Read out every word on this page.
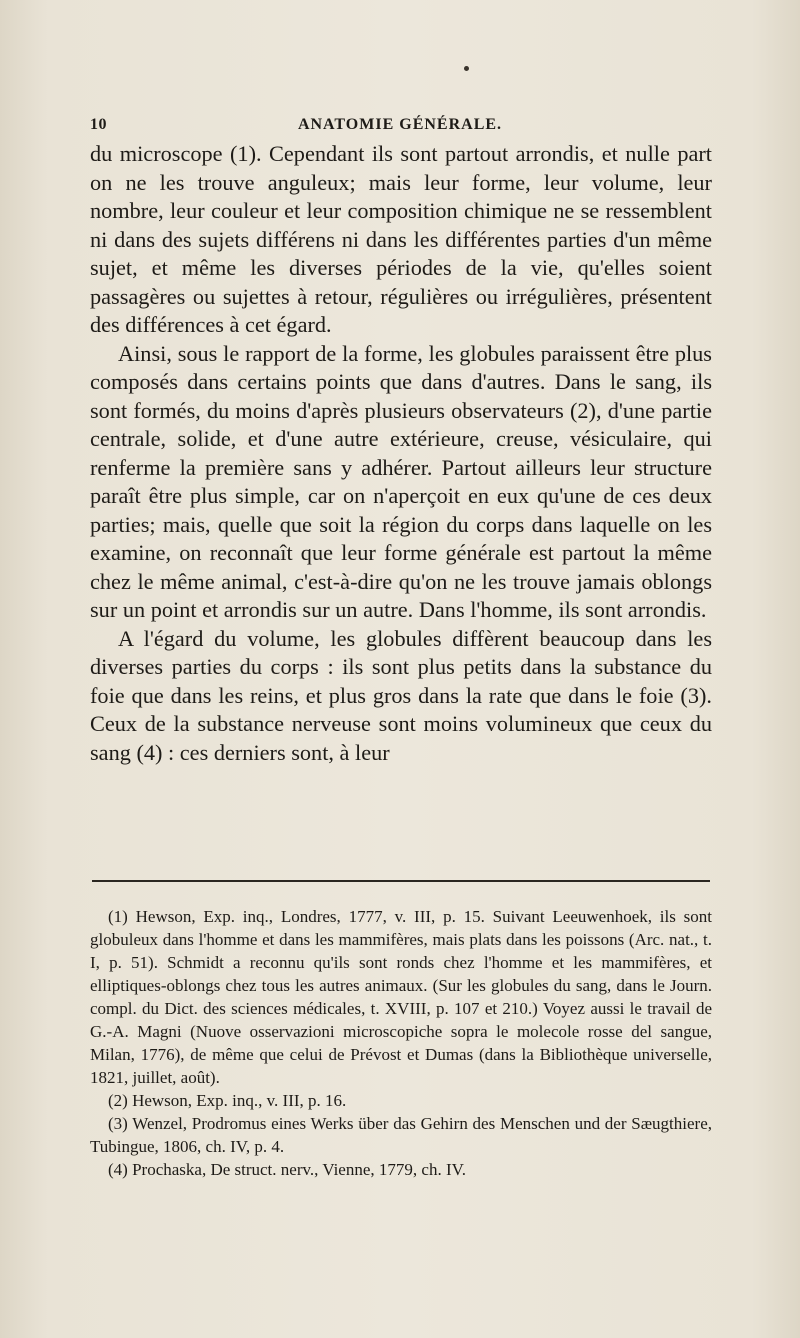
10	ANATOMIE GÉNÉRALE.

du microscope (1). Cependant ils sont partout arrondis, et nulle part on ne les trouve anguleux; mais leur forme, leur volume, leur nombre, leur couleur et leur composition chimique ne se ressemblent ni dans des sujets différens ni dans les différentes parties d'un même sujet, et même les diverses périodes de la vie, qu'elles soient passagères ou sujettes à retour, régulières ou irrégulières, présentent des différences à cet égard.

Ainsi, sous le rapport de la forme, les globules paraissent être plus composés dans certains points que dans d'autres. Dans le sang, ils sont formés, du moins d'après plusieurs observateurs (2), d'une partie centrale, solide, et d'une autre extérieure, creuse, vésiculaire, qui renferme la première sans y adhérer. Partout ailleurs leur structure paraît être plus simple, car on n'aperçoit en eux qu'une de ces deux parties; mais, quelle que soit la région du corps dans laquelle on les examine, on reconnaît que leur forme générale est partout la même chez le même animal, c'est-à-dire qu'on ne les trouve jamais oblongs sur un point et arrondis sur un autre. Dans l'homme, ils sont arrondis.

A l'égard du volume, les globules diffèrent beaucoup dans les diverses parties du corps : ils sont plus petits dans la substance du foie que dans les reins, et plus gros dans la rate que dans le foie (3). Ceux de la substance nerveuse sont moins volumineux que ceux du sang (4) : ces derniers sont, à leur

(1) Hewson, Exp. inq., Londres, 1777, v. III, p. 15. Suivant Leeuwenhoek, ils sont globuleux dans l'homme et dans les mammifères, mais plats dans les poissons (Arc. nat., t. I, p. 51). Schmidt a reconnu qu'ils sont ronds chez l'homme et les mammifères, et elliptiques-oblongs chez tous les autres animaux. (Sur les globules du sang, dans le Journ. compl. du Dict. des sciences médicales, t. XVIII, p. 107 et 210.) Voyez aussi le travail de G.-A. Magni (Nuove osservazioni microscopiche sopra le molecole rosse del sangue, Milan, 1776), de même que celui de Prévost et Dumas (dans la Bibliothèque universelle, 1821, juillet, août).

(2) Hewson, Exp. inq., v. III, p. 16.

(3) Wenzel, Prodromus eines Werks über das Gehirn des Menschen und der Sæugthiere, Tubingue, 1806, ch. IV, p. 4.

(4) Prochaska, De struct. nerv., Vienne, 1779, ch. IV.
